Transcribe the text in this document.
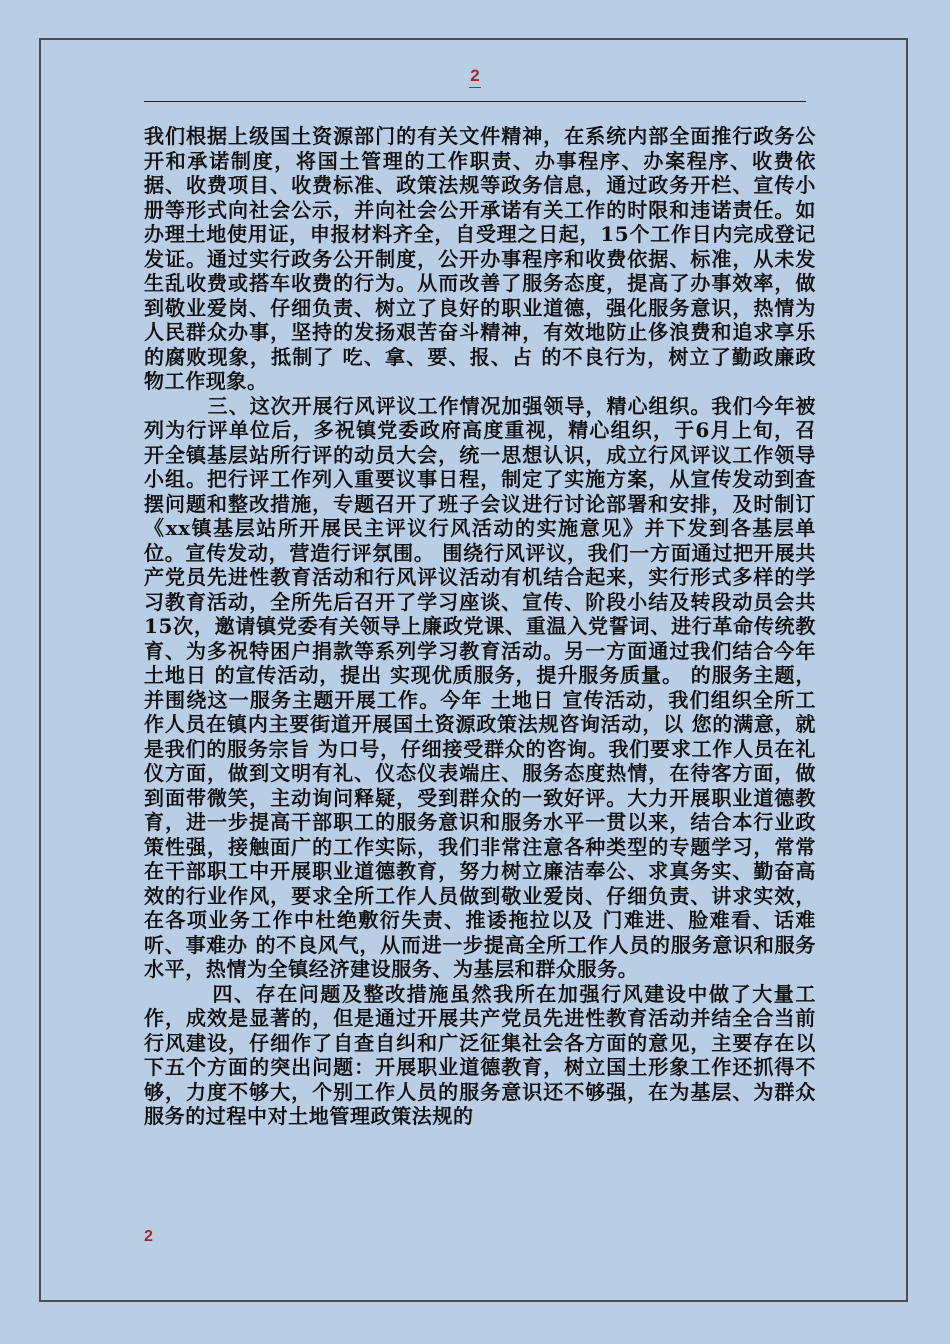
2

我们根据上级国土资源部门的有关文件精神，在系统内部全面推行政务公开和承诺制度，将国土管理的工作职责、办事程序、办案程序、收费依据、收费项目、收费标准、政策法规等政务信息，通过政务开栏、宣传小册等形式向社会公示，并向社会公开承诺有关工作的时限和违诺责任。如办理土地使用证，申报材料齐全，自受理之日起，15个工作日内完成登记发证。通过实行政务公开制度，公开办事程序和收费依据、标准，从未发生乱收费或搭车收费的行为。从而改善了服务态度，提高了办事效率，做到敬业爱岗、仔细负责、树立了良好的职业道德，强化服务意识，热情为人民群众办事，坚持的发扬艰苦奋斗精神，有效地防止侈浪费和追求享乐的腐败现象，抵制了 吃、拿、要、报、占 的不良行为，树立了勤政廉政物工作现象。

三、这次开展行风评议工作情况加强领导，精心组织。我们今年被列为行评单位后，多祝镇党委政府高度重视，精心组织，于6月上旬，召开全镇基层站所行评的动员大会，统一思想认识，成立行风评议工作领导小组。把行评工作列入重要议事日程，制定了实施方案，从宣传发动到查摆问题和整改措施，专题召开了班子会议进行讨论部署和安排，及时制订《xx镇基层站所开展民主评议行风活动的实施意见》并下发到各基层单位。宣传发动，营造行评氛围。 围绕行风评议，我们一方面通过把开展共产党员先进性教育活动和行风评议活动有机结合起来，实行形式多样的学习教育活动，全所先后召开了学习座谈、宣传、阶段小结及转段动员会共15次，邀请镇党委有关领导上廉政党课、重温入党誓词、进行革命传统教育、为多祝特困户捐款等系列学习教育活动。另一方面通过我们结合今年 土地日 的宣传活动，提出 实现优质服务，提升服务质量。 的服务主题，并围绕这一服务主题开展工作。今年 土地日 宣传活动，我们组织全所工作人员在镇内主要街道开展国土资源政策法规咨询活动，以 您的满意，就是我们的服务宗旨 为口号，仔细接受群众的咨询。我们要求工作人员在礼仪方面，做到文明有礼、仪态仪表端庄、服务态度热情，在待客方面，做到面带微笑，主动询问释疑，受到群众的一致好评。大力开展职业道德教育，进一步提高干部职工的服务意识和服务水平一贯以来，结合本行业政策性强，接触面广的工作实际，我们非常注意各种类型的专题学习，常常在干部职工中开展职业道德教育，努力树立廉洁奉公、求真务实、勤奋高效的行业作风，要求全所工作人员做到敬业爱岗、仔细负责、讲求实效，在各项业务工作中杜绝敷衍失责、推诿拖拉以及 门难进、脸难看、话难听、事难办 的不良风气，从而进一步提高全所工作人员的服务意识和服务水平，热情为全镇经济建设服务、为基层和群众服务。

四、存在问题及整改措施虽然我所在加强行风建设中做了大量工作，成效是显著的，但是通过开展共产党员先进性教育活动并结全合当前行风建设，仔细作了自查自纠和广泛征集社会各方面的意见，主要存在以下五个方面的突出问题：开展职业道德教育，树立国土形象工作还抓得不够，力度不够大，个别工作人员的服务意识还不够强，在为基层、为群众服务的过程中对土地管理政策法规的

2
